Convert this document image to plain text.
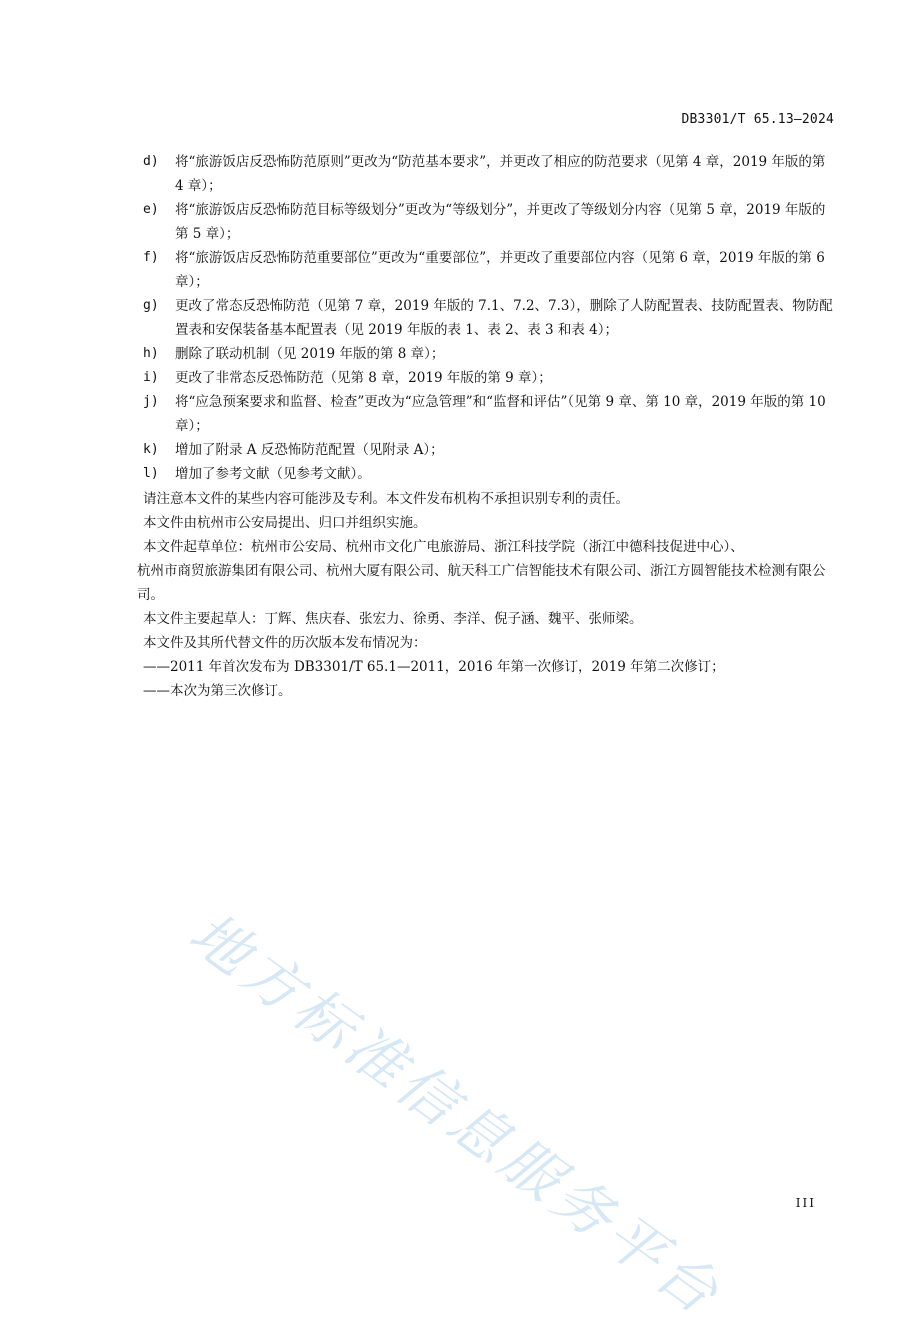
DB3301/T 65.13—2024
d)	将“旅游饭店反恐怖防范原则”更改为“防范基本要求”，并更改了相应的防范要求（见第 4 章，2019 年版的第 4 章）；
e)	将“旅游饭店反恐怖防范目标等级划分”更改为“等级划分”，并更改了等级划分内容（见第 5 章，2019 年版的第 5 章）；
f)	将“旅游饭店反恐怖防范重要部位”更改为“重要部位”，并更改了重要部位内容（见第 6 章，2019 年版的第 6 章）；
g)	更改了常态反恐怖防范（见第 7 章，2019 年版的 7.1、7.2、7.3），删除了人防配置表、技防配置表、物防配置表和安保装备基本配置表（见 2019 年版的表 1、表 2、表 3 和表 4）；
h)	删除了联动机制（见 2019 年版的第 8 章）；
i)	更改了非常态反恐怖防范（见第 8 章，2019 年版的第 9 章）；
j)	将“应急预案要求和监督、检查”更改为“应急管理”和“监督和评估”（见第 9 章、第 10 章，2019 年版的第 10 章）；
k)	增加了附录 A 反恐怖防范配置（见附录 A）；
l)	增加了参考文献（见参考文献）。

请注意本文件的某些内容可能涉及专利。本文件发布机构不承担识别专利的责任。

本文件由杭州市公安局提出、归口并组织实施。

本文件起草单位：杭州市公安局、杭州市文化广电旅游局、浙江科技学院（浙江中德科技促进中心）、
杭州市商贸旅游集团有限公司、杭州大厦有限公司、航天科工广信智能技术有限公司、浙江方圆智能技术检测有限公司。

本文件主要起草人：丁辉、焦庆春、张宏力、徐勇、李洋、倪子涵、魏平、张师梁。

本文件及其所代替文件的历次版本发布情况为：

——2011 年首次发布为 DB3301/T 65.1—2011，2016 年第一次修订，2019 年第二次修订；

——本次为第三次修订。

地方标准信息服务平台	III
